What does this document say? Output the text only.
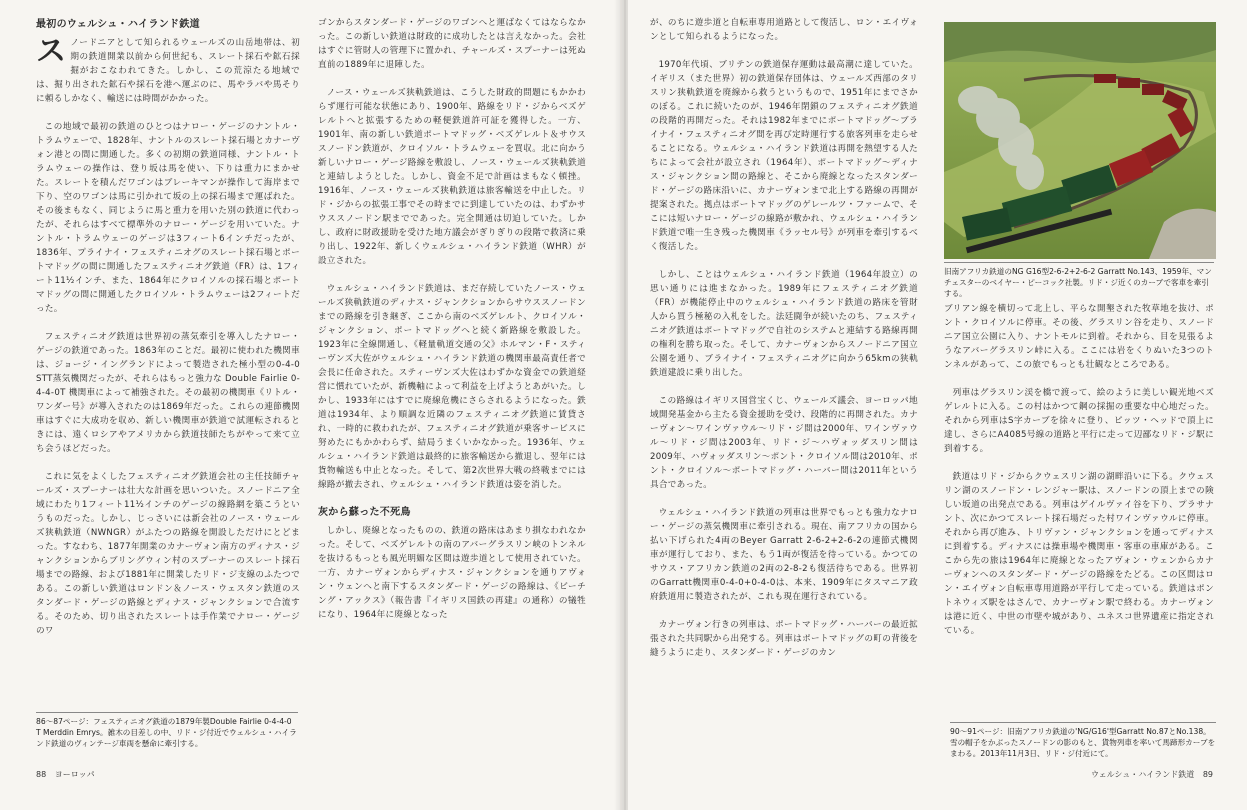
最初のウェルシュ・ハイランド鉄道

スノードニアとして知られるウェールズの山岳地帯は、初期の鉄道開業以前から何世紀も、スレート採石や鉱石採掘がおこなわれてきた。しかし、この荒涼たる地域では、掘り出された鉱石や採石を港へ運ぶのに、馬やラバや馬そりに頼るしかなく、輸送には時間がかかった。

この地域で最初の鉄道のひとつはナロー・ゲージのナントル・トラムウェーで、1828年、ナントルのスレート採石場とカナーヴォン港との間に開通した。多くの初期の鉄道同様、ナントル・トラムウェーの操作は、登り坂は馬を使い、下りは重力にまかせた。スレートを積んだワゴンはブレーキマンが操作して海岸まで下り、空のワゴンは馬に引かれて坂の上の採石場まで運ばれた。その後まもなく、同じように馬と重力を用いた別の鉄道に代わったが、それらはすべて標準外のナロー・ゲージを用いていた。ナントル・トラムウェーのゲージは3フィート6インチだったが、1836年、プライナイ・フェスティニオグのスレート採石場とポートマドッグの間に開通したフェスティニオグ鉄道（FR）は、1フィート11½インチ、また、1864年にクロイソルの採石場とポートマドッグの間に開通したクロイソル・トラムウェーは2フィートだった。

フェスティニオグ鉄道は世界初の蒸気牽引を導入したナロー・ゲージの鉄道であった。1863年のことだ。最初に使われた機関車は、ジョージ・イングランドによって製造された極小型の0-4-0 STT蒸気機関だったが、それらはもっと強力な Double Fairlie 0-4-4-0T 機関車によって補強された。その最初の機関車《リトル・ワンダー号》が導入されたのは1869年だった。これらの連節機関車はすぐに大成功を収め、新しい機関車が鉄道で試運転されるときには、遠くロシアやアメリカから鉄道技師たちがやって来て立ち会うほどだった。

これに気をよくしたフェスティニオグ鉄道会社の主任技師チャールズ・スプーナーは壮大な計画を思いついた。スノードニア全域にわたり1フィート11½インチのゲージの線路網を築こうというものだった。しかし、じっさいには新会社のノース・ウェールズ狭軌鉄道（NWNGR）がふたつの路線を開設しただけにとどまった。すなわち、1877年開業のカナーヴォン南方のディナス・ジャンクションからブリングウィン村のスプーナーのスレート採石場までの路線、および1881年に開業したリド・ジ支線のふたつである。この新しい鉄道はロンドン＆ノース・ウェスタン鉄道のスタンダード・ゲージの路線とディナス・ジャンクションで合流する。そのため、切り出されたスレートは手作業でナロー・ゲージのワ

86～87ページ：フェスティニオグ鉄道の1879年製Double Fairlie 0-4-4-0 T Merddin Emrys。雑木の目差しの中、リド・ジ付近でウェルシュ・ハイランド鉄道のヴィンテージ車両を懸命に牽引する。

ゴンからスタンダード・ゲージのワゴンへと運ばなくてはならなかった。この新しい鉄道は財政的に成功したとは言えなかった。会社はすぐに管財人の管理下に置かれ、チャールズ・スプーナーは死ぬ直前の1889年に退陣した。

ノース・ウェールズ狭軌鉄道は、こうした財政的問題にもかかわらず運行可能な状態にあり、1900年、路線をリド・ジからベズゲレルトへと拡張するための軽便鉄道許可証を獲得した。一方、1901年、南の新しい鉄道ポートマドッグ・ベズゲレルト＆サウススノードン鉄道が、クロイソル・トラムウェーを買収。北に向かう新しいナロー・ゲージ路線を敷設し、ノース・ウェールズ狭軌鉄道と連結しようとした。しかし、資金不足で計画はまもなく頓挫。1916年、ノース・ウェールズ狭軌鉄道は旅客輸送を中止した。リド・ジからの拡張工事でその時までに到達していたのは、わずかサウススノードン駅までであった。完全開通は切迫していた。しかし、政府に財政援助を受けた地方議会がぎりぎりの段階で救済に乗り出し、1922年、新しくウェルシュ・ハイランド鉄道（WHR）が設立された。

ウェルシュ・ハイランド鉄道は、まだ存続していたノース・ウェールズ狭軌鉄道のディナス・ジャンクションからサウススノードンまでの路線を引き継ぎ、ここから南のベズゲレルト、クロイソル・ジャンクション、ポートマドッグへと続く新路線を敷設した。1923年に全線開通し、《軽量軌道交通の父》ホルマン・F・スティーヴンズ大佐がウェルシュ・ハイランド鉄道の機関車最高責任者で会長に任命された。スティーヴンズ大佐はわずかな資金での鉄道経営に慣れていたが、新機軸によって利益を上げようとあがいた。しかし、1933年にはすでに廃線危機にさらされるようになった。鉄道は1934年、より順調な近隣のフェスティニオグ鉄道に賃貸され、一時的に救われたが、フェスティニオグ鉄道が乗客サービスに努めたにもかかわらず、結局うまくいかなかった。1936年、ウェルシュ・ハイランド鉄道は最終的に旅客輸送から撤退し、翌年には貨物輸送も中止となった。そして、第2次世界大戦の終戦までには線路が撤去され、ウェルシュ・ハイランド鉄道は姿を消した。

灰から蘇った不死鳥

しかし、廃線となったものの、鉄道の路床はあまり損なわれなかった。そして、ベズゲレルトの南のアバーグラスリン峡のトンネルを抜けるもっとも風光明媚な区間は遊歩道として使用されていた。一方、カナーヴォンからディナス・ジャンクションを通りアヴォン・ウェンへと南下するスタンダード・ゲージの路線は、《ビーチング・アックス》（報告書『イギリス国鉄の再建』の通称）の犠牲になり、1964年に廃線となった

88 ヨーロッパ

が、のちに遊歩道と自転車専用道路として復活し、ロン・エイヴォンとして知られるようになった。

1970年代頃、ブリテンの鉄道保存運動は最高潮に達していた。イギリス（また世界）初の鉄道保存団体は、ウェールズ西部のタリスリン狭軌鉄道を廃線から救うというもので、1951年にまでさかのぼる。これに続いたのが、1946年閉鎖のフェスティニオグ鉄道の段階的再開だった。それは1982年までにポートマドッグ～ブライナイ・フェスティニオグ間を再び定時運行する旅客列車を走らせることになる。ウェルシュ・ハイランド鉄道は再開を熱望する人たちによって会社が設立され（1964年）、ポートマドッグ～ディナス・ジャンクション間の路線と、そこから廃線となったスタンダード・ゲージの路床沿いに、カナーヴォンまで北上する路線の再開が提案された。拠点はポートマドッグのゲレールツ・ファームで、そこには短いナロー・ゲージの線路が敷かれ、ウェルシュ・ハイランド鉄道で唯一生き残った機関車《ラッセル号》が列車を牽引するべく復活した。

しかし、ことはウェルシュ・ハイランド鉄道（1964年設立）の思い通りには進まなかった。1989年にフェスティニオグ鉄道（FR）が機能停止中のウェルシュ・ハイランド鉄道の路床を管財人から買う極秘の入札をした。法廷闘争が続いたのち、フェスティニオグ鉄道はポートマドッグで自社のシステムと連結する路線再開の権利を勝ち取った。そして、カナーヴォンからスノードニア国立公園を通り、ブライナイ・フェスティニオグに向かう65kmの狭軌鉄道建設に乗り出した。

この路線はイギリス国営宝くじ、ウェールズ議会、ヨーロッパ地域開発基金から主たる資金援助を受け、段階的に再開された。カナーヴォン～ワインヴァウル～リド・ジ間は2000年、ワインヴァウル～リド・ジ間は2003年、リド・ジ～ハヴォッダスリン間は2009年、ハヴォッダスリン～ポント・クロイソル間は2010年、ポント・クロイソル～ポートマドッグ・ハーバー間は2011年という具合であった。

ウェルシュ・ハイランド鉄道の列車は世界でもっとも強力なナロー・ゲージの蒸気機関車に牽引される。現在、南アフリカの国から払い下げられた4両のBeyer Garratt 2-6-2+2-6-2の連節式機関車が運行しており、また、もう1両が復活を待っている。かつてのサウス・アフリカン鉄道の2両の2-8-2も復活待ちである。世界初のGarratt機関車0-4-0+0-4-0は、本来、1909年にタスマニア政府鉄道用に製造されたが、これも現在運行されている。

カナーヴォン行きの列車は、ポートマドッグ・ハーバーの最近拡張された共同駅から出発する。列車はポートマドッグの町の背後を縫うように走り、スタンダード・ゲージのカン

ブリアン線を横切って北上し、平らな開墾された牧草地を抜け、ポント・クロイソルに停車。その後、グラスリン谷を走り、スノードニア国立公園に入り、ナントモルに到着。それから、目を見張るようなアバーグラスリン峠に入る。ここには岩をくりぬいた3つのトンネルがあって、この旅でもっとも壮観なところである。

列車はグラスリン渓を橋で渡って、絵のように美しい観光地ベズゲレルトに入る。この村はかつて鋼の採掘の重要な中心地だった。それから列車はS字カーブを徐々に登り、ピッツ・ヘッドで頂上に達し、さらにA4085号線の道路と平行に走って辺鄙なリド・ジ駅に到着する。

鉄道はリド・ジからクウェスリン湖の湖畔沿いに下る。クウェスリン湖のスノードン・レンジャー駅は、スノードンの頂上までの険しい坂道の出発点である。列車はゲイルヴァイ谷を下り、プラサナント、次にかつてスレート採石場だった村ワインヴァウルに停車。それから再び進み、トリヴァン・ジャンクションを通ってディナスに到着する。ディナスには操車場や機関車・客車の車庫がある。ここから先の旅は1964年に廃線となったアヴォン・ウェンからカナーヴォンへのスタンダード・ゲージの路線をたどる。この区間はロン・エイヴォン自転車専用道路が平行して走っている。鉄道はポントネウィズ駅をはさんで、カナーヴォン駅で終わる。カナーヴォンは港に近く、中世の市壁や城があり、ユネスコ世界遺産に指定されている。

90～91ページ：旧南アフリカ鉄道の'NG/G16'型Garratt No.87とNo.138。雪の帽子をかぶったスノードンの影のもと、貨物列車を率いて馬蹄形カーブをまわる。2013年11月3日、リド・ジ付近にて。
旧南アフリカ鉄道のNG G16型2-6-2+2-6-2 Garratt No.143、1959年、マンチェスターのベイヤー・ピーコック社製。リド・ジ近くのカーブで客車を牽引する。
ウェルシュ・ハイランド鉄道 89
